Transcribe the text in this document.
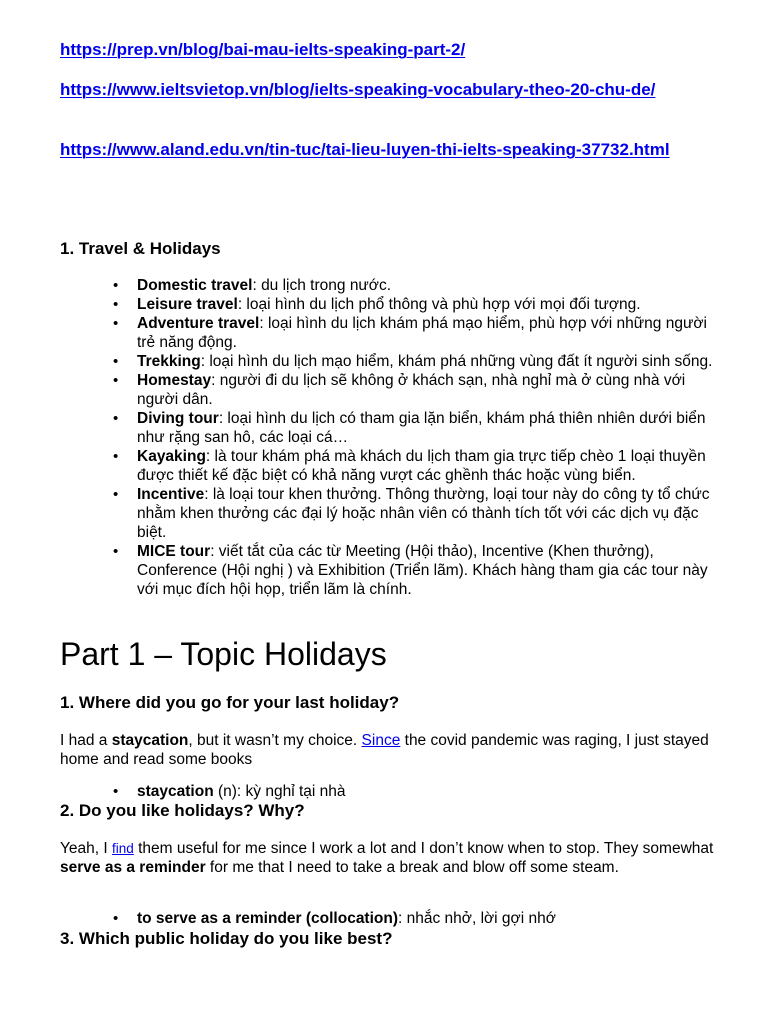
https://prep.vn/blog/bai-mau-ielts-speaking-part-2/
https://www.ieltsvietop.vn/blog/ielts-speaking-vocabulary-theo-20-chu-de/
https://www.aland.edu.vn/tin-tuc/tai-lieu-luyen-thi-ielts-speaking-37732.html
1. Travel & Holidays
• Domestic travel: du lịch trong nước.
• Leisure travel: loại hình du lịch phổ thông và phù hợp với mọi đối tượng.
• Adventure travel: loại hình du lịch khám phá mạo hiểm, phù hợp với những người trẻ năng động.
• Trekking: loại hình du lịch mạo hiểm, khám phá những vùng đất ít người sinh sống.
• Homestay: người đi du lịch sẽ không ở khách sạn, nhà nghỉ mà ở cùng nhà với người dân.
• Diving tour: loại hình du lịch có tham gia lặn biển, khám phá thiên nhiên dưới biển như rặng san hô, các loại cá…
• Kayaking: là tour khám phá mà khách du lịch tham gia trực tiếp chèo 1 loại thuyền được thiết kế đặc biệt có khả năng vượt các ghềnh thác hoặc vùng biển.
• Incentive: là loại tour khen thưởng. Thông thường, loại tour này do công ty tổ chức nhằm khen thưởng các đại lý hoặc nhân viên có thành tích tốt với các dịch vụ đặc biệt.
• MICE tour: viết tắt của các từ Meeting (Hội thảo), Incentive (Khen thưởng), Conference (Hội nghị ) và Exhibition (Triển lãm). Khách hàng tham gia các tour này với mục đích hội họp, triển lãm là chính.
Part 1 – Topic Holidays
1. Where did you go for your last holiday?
I had a staycation, but it wasn’t my choice. Since the covid pandemic was raging, I just stayed home and read some books
• staycation (n): kỳ nghỉ tại nhà
2. Do you like holidays? Why?
Yeah, I find them useful for me since I work a lot and I don’t know when to stop. They somewhat serve as a reminder for me that I need to take a break and blow off some steam.
• to serve as a reminder (collocation): nhắc nhở, lời gợi nhớ
3. Which public holiday do you like best?
